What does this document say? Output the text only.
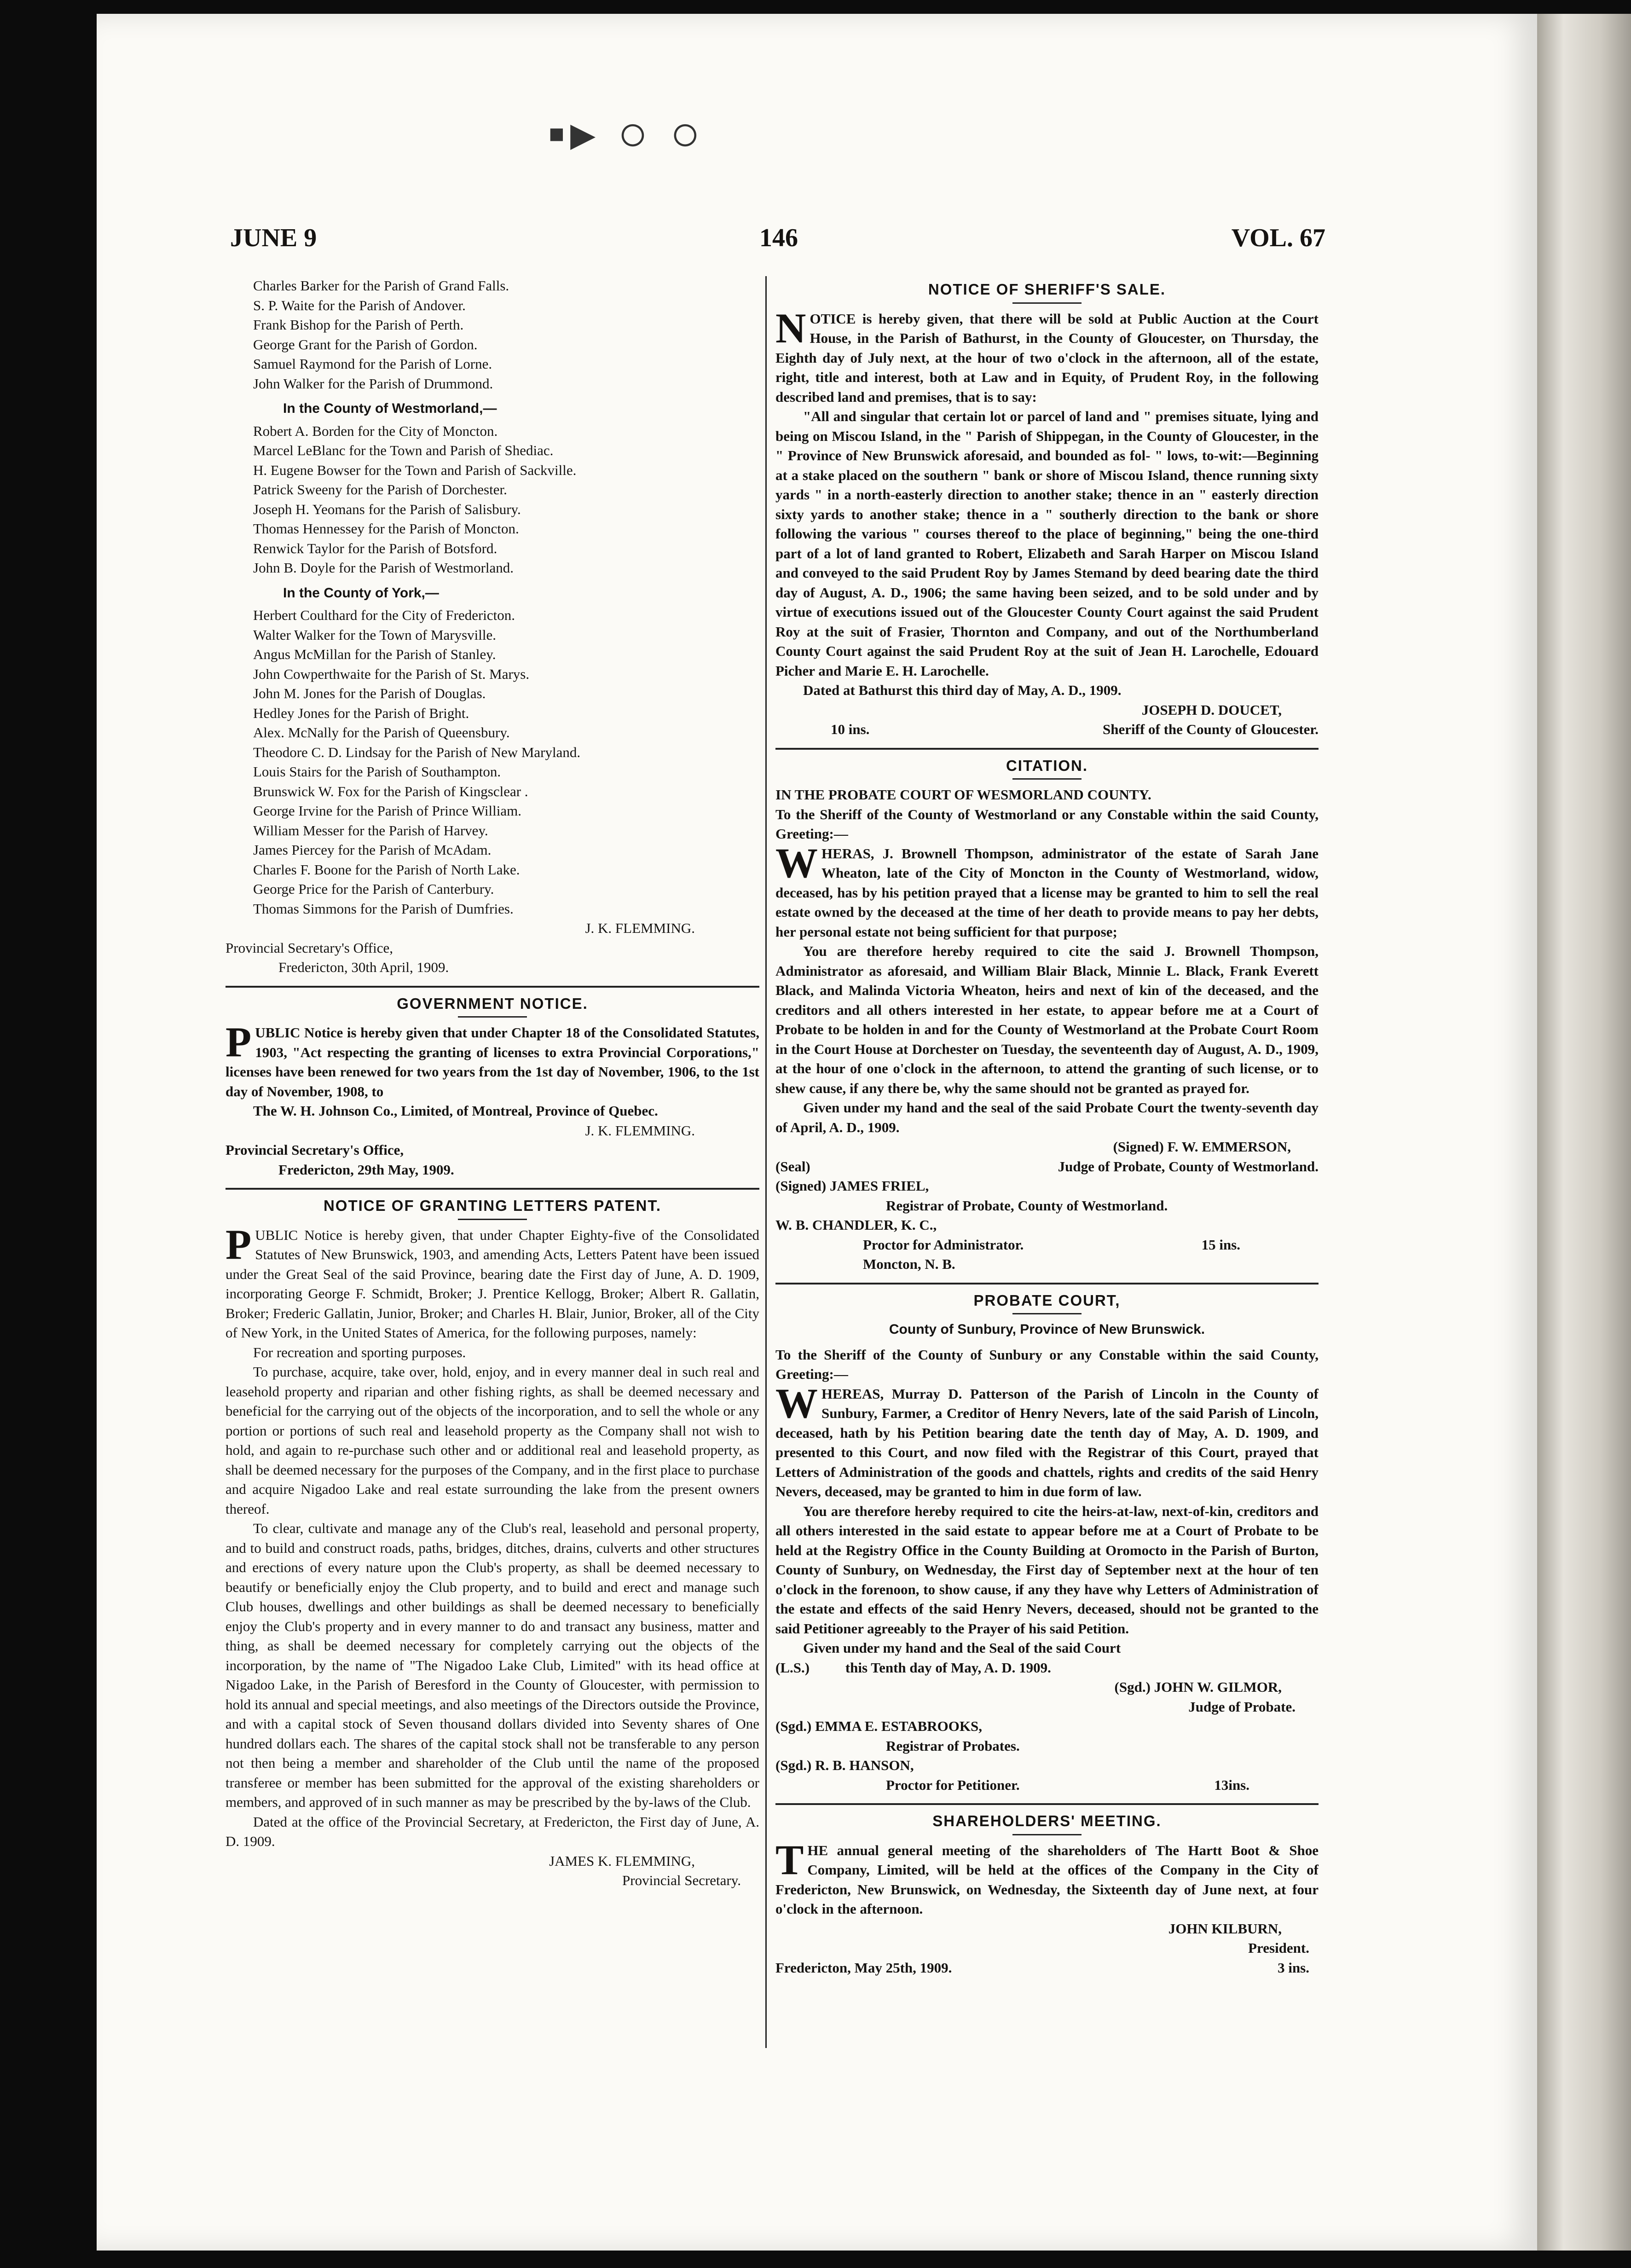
▪▸ ○ ○
JUNE 9	146	VOL. 67
Charles Barker for the Parish of Grand Falls.
S. P. Waite for the Parish of Andover.
Frank Bishop for the Parish of Perth.
George Grant for the Parish of Gordon.
Samuel Raymond for the Parish of Lorne.
John Walker for the Parish of Drummond.
In the County of Westmorland,—
Robert A. Borden for the City of Moncton.
Marcel LeBlanc for the Town and Parish of Shediac.
H. Eugene Bowser for the Town and Parish of Sackville.
Patrick Sweeny for the Parish of Dorchester.
Joseph H. Yeomans for the Parish of Salisbury.
Thomas Hennessey for the Parish of Moncton.
Renwick Taylor for the Parish of Botsford.
John B. Doyle for the Parish of Westmorland.
In the County of York,—
Herbert Coulthard for the City of Fredericton.
Walter Walker for the Town of Marysville.
Angus McMillan for the Parish of Stanley.
John Cowperthwaite for the Parish of St. Marys.
John M. Jones for the Parish of Douglas.
Hedley Jones for the Parish of Bright.
Alex. McNally for the Parish of Queensbury.
Theodore C. D. Lindsay for the Parish of New Maryland.
Louis Stairs for the Parish of Southampton.
Brunswick W. Fox for the Parish of Kingsclear .
George Irvine for the Parish of Prince William.
William Messer for the Parish of Harvey.
James Piercey for the Parish of McAdam.
Charles F. Boone for the Parish of North Lake.
George Price for the Parish of Canterbury.
Thomas Simmons for the Parish of Dumfries.
J. K. FLEMMING.
Provincial Secretary's Office,
Fredericton, 30th April, 1909.
GOVERNMENT NOTICE.

PUBLIC Notice is hereby given that under Chapter 18 of the Consolidated Statutes, 1903, "Act respecting the granting of licenses to extra Provincial Corporations," licenses have been renewed for two years from the 1st day of November, 1906, to the 1st day of November, 1908, to

The W. H. Johnson Co., Limited, of Montreal, Province of Quebec.

J. K. FLEMMING.
Provincial Secretary's Office,
Fredericton, 29th May, 1909.
NOTICE OF GRANTING LETTERS PATENT.

PUBLIC Notice is hereby given, that under Chapter Eighty-five of the Consolidated Statutes of New Brunswick, 1903, and amending Acts, Letters Patent have been issued under the Great Seal of the said Province, bearing date the First day of June, A. D. 1909, incorporating George F. Schmidt, Broker; J. Prentice Kellogg, Broker; Albert R. Gallatin, Broker; Frederic Gallatin, Junior, Broker; and Charles H. Blair, Junior, Broker, all of the City of New York, in the United States of America, for the following purposes, namely:

For recreation and sporting purposes.

To purchase, acquire, take over, hold, enjoy, and in every manner deal in such real and leasehold property and riparian and other fishing rights, as shall be deemed necessary and beneficial for the carrying out of the objects of the incorporation, and to sell the whole or any portion or portions of such real and leasehold property as the Company shall not wish to hold, and again to re-purchase such other and or additional real and leasehold property, as shall be deemed necessary for the purposes of the Company, and in the first place to purchase and acquire Nigadoo Lake and real estate surrounding the lake from the present owners thereof.

To clear, cultivate and manage any of the Club's real, leasehold and personal property, and to build and construct roads, paths, bridges, ditches, drains, culverts and other structures and erections of every nature upon the Club's property, as shall be deemed necessary to beautify or beneficially enjoy the Club property, and to build and erect and manage such Club houses, dwellings and other buildings as shall be deemed necessary to beneficially enjoy the Club's property and in every manner to do and transact any business, matter and thing, as shall be deemed necessary for completely carrying out the objects of the incorporation, by the name of "The Nigadoo Lake Club, Limited" with its head office at Nigadoo Lake, in the Parish of Beresford in the County of Gloucester, with permission to hold its annual and special meetings, and also meetings of the Directors outside the Province, and with a capital stock of Seven thousand dollars divided into Seventy shares of One hundred dollars each. The shares of the capital stock shall not be transferable to any person not then being a member and shareholder of the Club until the name of the proposed transferee or member has been submitted for the approval of the existing shareholders or members, and approved of in such manner as may be prescribed by the by-laws of the Club.

Dated at the office of the Provincial Secretary, at Fredericton, the First day of June, A. D. 1909.

JAMES K. FLEMMING,
Provincial Secretary.
NOTICE OF SHERIFF'S SALE.

NOTICE is hereby given, that there will be sold at Public Auction at the Court House, in the Parish of Bathurst, in the County of Gloucester, on Thursday, the Eighth day of July next, at the hour of two o'clock in the afternoon, all of the estate, right, title and interest, both at Law and in Equity, of Prudent Roy, in the following described land and premises, that is to say:

"All and singular that certain lot or parcel of land and " premises situate, lying and being on Miscou Island, in the " Parish of Shippegan, in the County of Gloucester, in the " Province of New Brunswick aforesaid, and bounded as fol- " lows, to-wit:—Beginning at a stake placed on the southern " bank or shore of Miscou Island, thence running sixty yards " in a north-easterly direction to another stake; thence in an " easterly direction sixty yards to another stake; thence in a " southerly direction to the bank or shore following the various " courses thereof to the place of beginning," being the one-third part of a lot of land granted to Robert, Elizabeth and Sarah Harper on Miscou Island and conveyed to the said Prudent Roy by James Stemand by deed bearing date the third day of August, A. D., 1906; the same having been seized, and to be sold under and by virtue of executions issued out of the Gloucester County Court against the said Prudent Roy at the suit of Frasier, Thornton and Company, and out of the Northumberland County Court against the said Prudent Roy at the suit of Jean H. Larochelle, Edouard Picher and Marie E. H. Larochelle.

Dated at Bathurst this third day of May, A. D., 1909.

JOSEPH D. DOUCET,
10 ins.	Sheriff of the County of Gloucester.
CITATION.
IN THE PROBATE COURT OF WESMORLAND COUNTY.

To the Sheriff of the County of Westmorland or any Constable within the said County, Greeting:—

WHERAS, J. Brownell Thompson, administrator of the estate of Sarah Jane Wheaton, late of the City of Moncton in the County of Westmorland, widow, deceased, has by his petition prayed that a license may be granted to him to sell the real estate owned by the deceased at the time of her death to provide means to pay her debts, her personal estate not being sufficient for that purpose;

You are therefore hereby required to cite the said J. Brownell Thompson, Administrator as aforesaid, and William Blair Black, Minnie L. Black, Frank Everett Black, and Malinda Victoria Wheaton, heirs and next of kin of the deceased, and the creditors and all others interested in her estate, to appear before me at a Court of Probate to be holden in and for the County of Westmorland at the Probate Court Room in the Court House at Dorchester on Tuesday, the seventeenth day of August, A. D., 1909, at the hour of one o'clock in the afternoon, to attend the granting of such license, or to shew cause, if any there be, why the same should not be granted as prayed for.

Given under my hand and the seal of the said Probate Court the twenty-seventh day of April, A. D., 1909.

(Signed) F. W. EMMERSON,
(Seal)	Judge of Probate, County of Westmorland.
(Signed) JAMES FRIEL,
Registrar of Probate, County of Westmorland.
W. B. CHANDLER, K. C.,
Proctor for Administrator.	15 ins.
Moncton, N. B.
PROBATE COURT,
County of Sunbury, Province of New Brunswick.

To the Sheriff of the County of Sunbury or any Constable within the said County, Greeting:—

WHEREAS, Murray D. Patterson of the Parish of Lincoln in the County of Sunbury, Farmer, a Creditor of Henry Nevers, late of the said Parish of Lincoln, deceased, hath by his Petition bearing date the tenth day of May, A. D. 1909, and presented to this Court, and now filed with the Registrar of this Court, prayed that Letters of Administration of the goods and chattels, rights and credits of the said Henry Nevers, deceased, may be granted to him in due form of law.

You are therefore hereby required to cite the heirs-at-law, next-of-kin, creditors and all others interested in the said estate to appear before me at a Court of Probate to be held at the Registry Office in the County Building at Oromocto in the Parish of Burton, County of Sunbury, on Wednesday, the First day of September next at the hour of ten o'clock in the forenoon, to show cause, if any they have why Letters of Administration of the estate and effects of the said Henry Nevers, deceased, should not be granted to the said Petitioner agreeably to the Prayer of his said Petition.

Given under my hand and the Seal of the said Court

(L.S.)	this Tenth day of May, A. D. 1909.
(Sgd.) JOHN W. GILMOR,
Judge of Probate.
(Sgd.) EMMA E. ESTABROOKS,
Registrar of Probates.
(Sgd.) R. B. HANSON,
Proctor for Petitioner.	13ins.
SHAREHOLDERS' MEETING.

THE annual general meeting of the shareholders of The Hartt Boot & Shoe Company, Limited, will be held at the offices of the Company in the City of Fredericton, New Brunswick, on Wednesday, the Sixteenth day of June next, at four o'clock in the afternoon.

JOHN KILBURN,
President.
Fredericton, May 25th, 1909.	3 ins.
